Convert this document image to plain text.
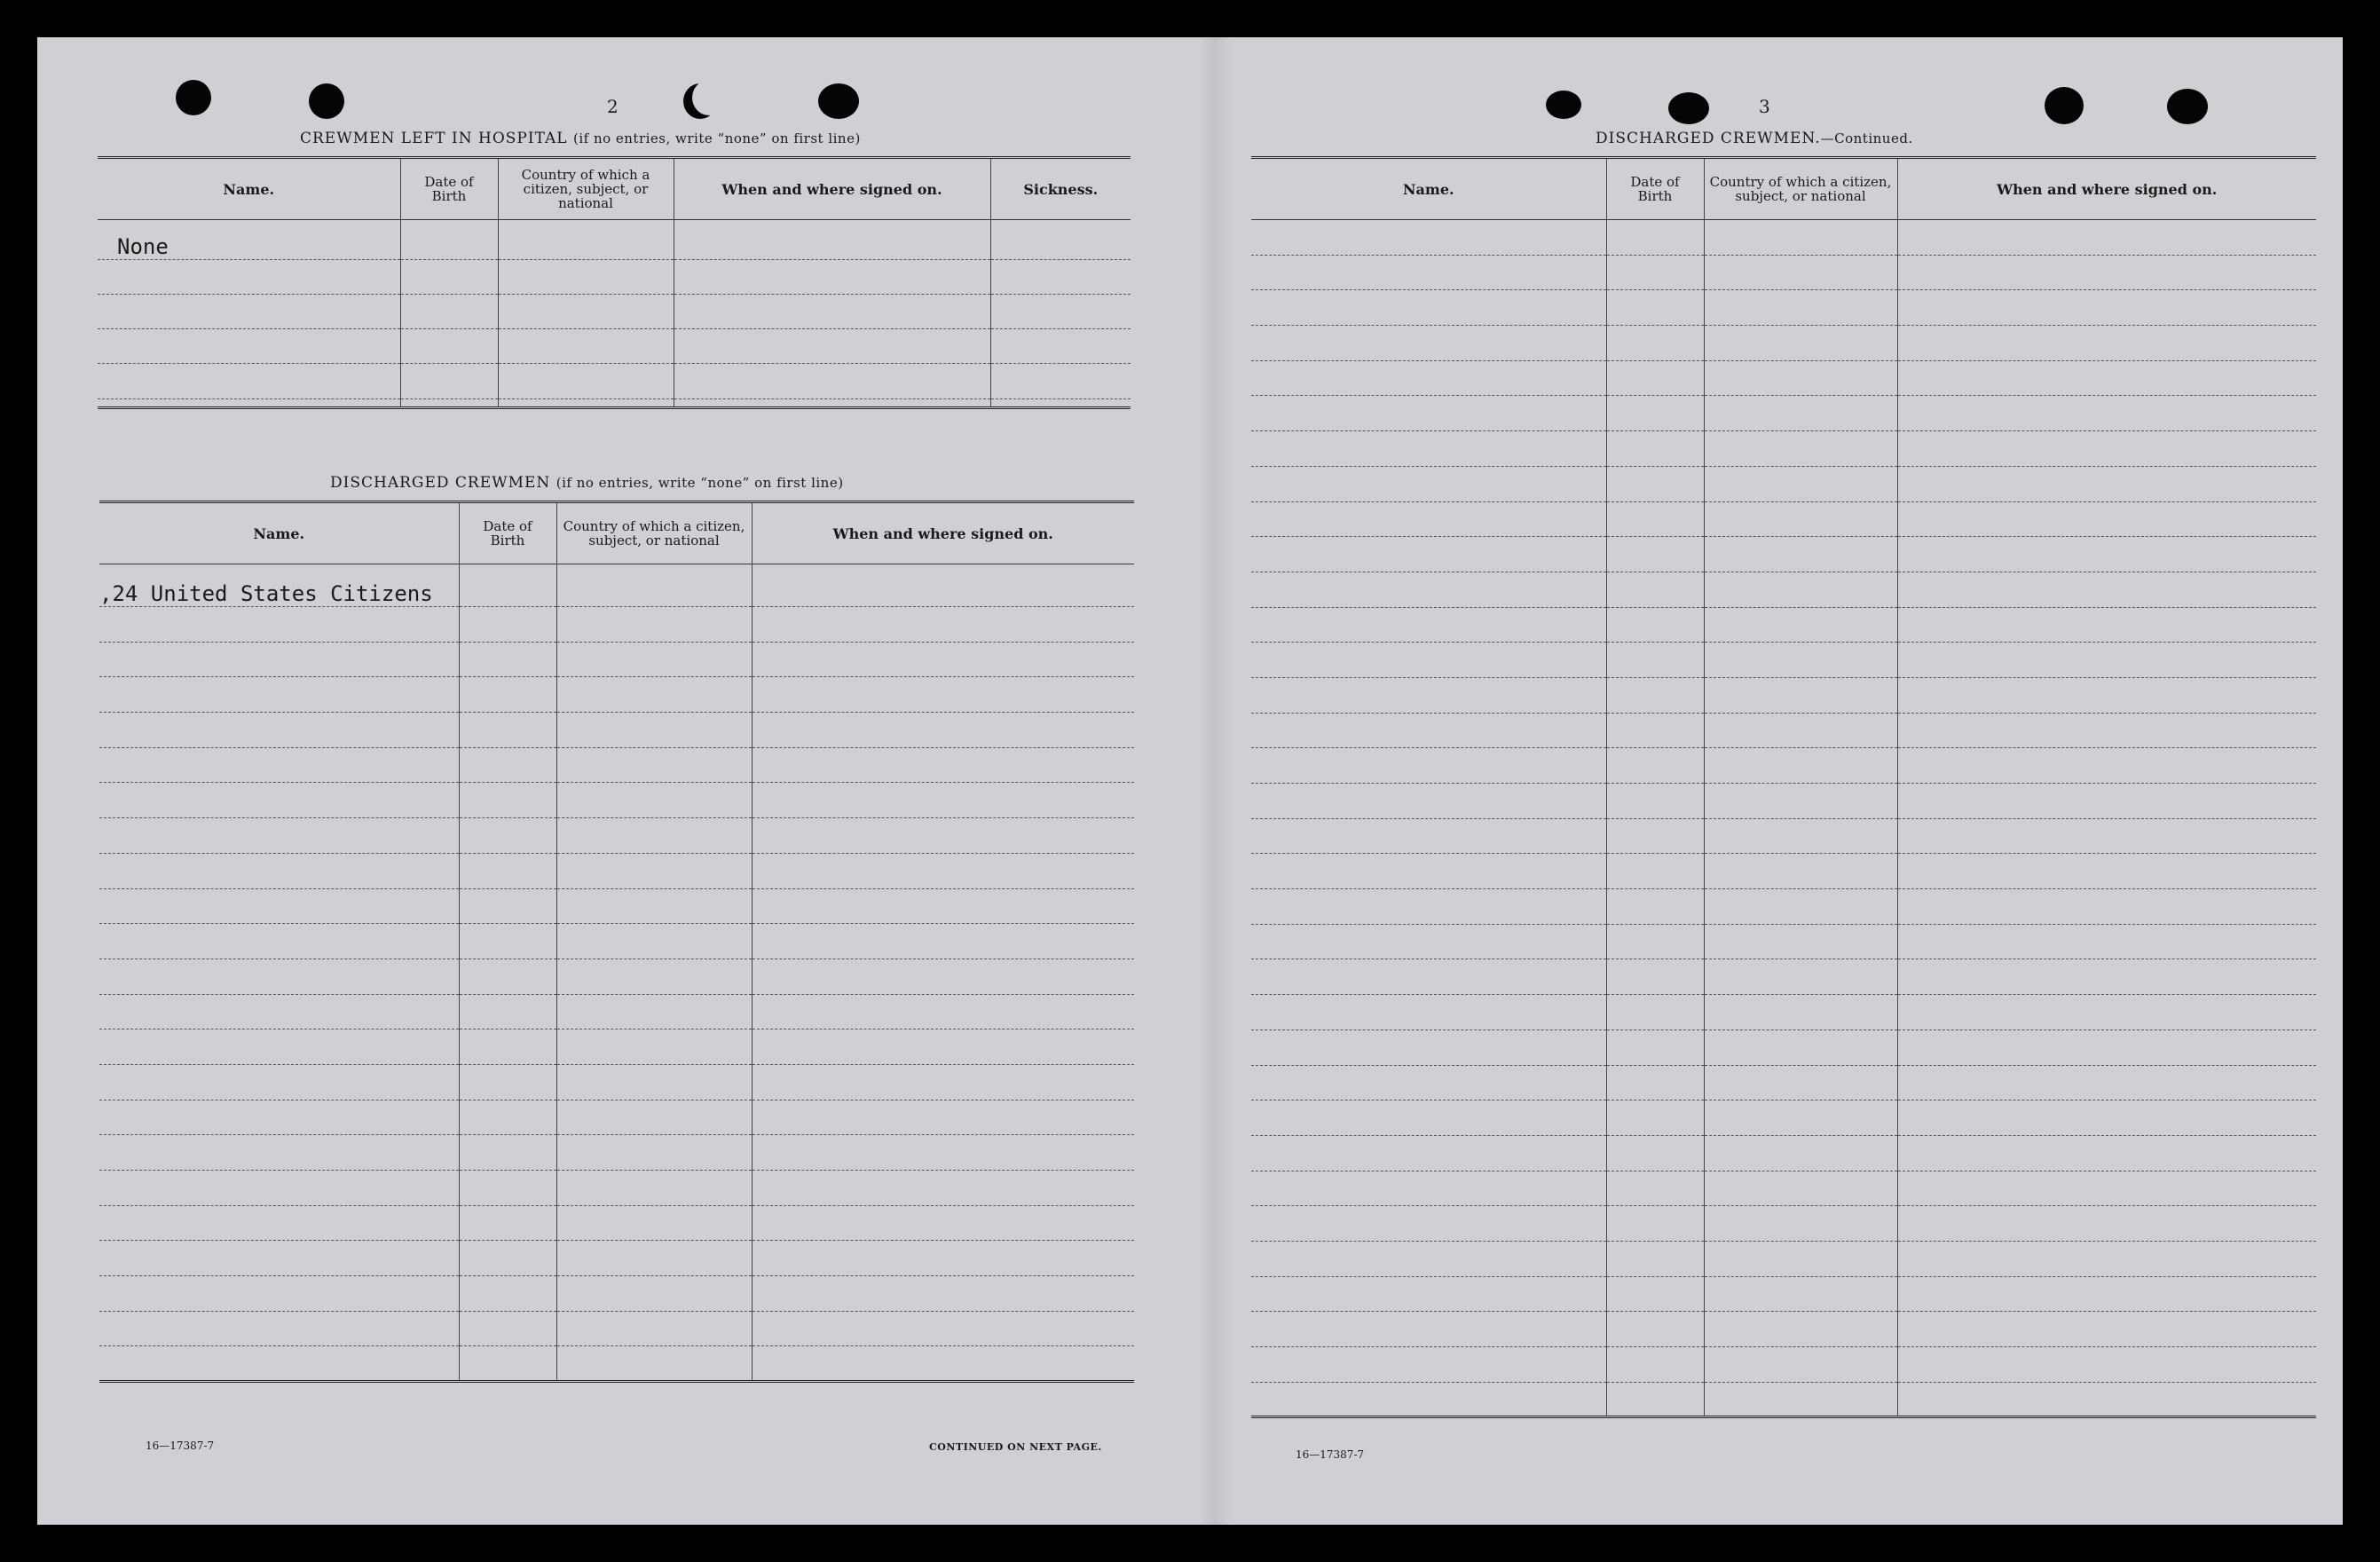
2
CREWMEN LEFT IN HOSPITAL (if no entries, write “none” on first line)
Name.	Date of Birth	Country of which a citizen, subject, or national	When and where signed on.	Sickness.
None				

DISCHARGED CREWMEN (if no entries, write “none” on first line)
Name.	Date of Birth	Country of which a citizen, subject, or national	When and where signed on.
,24 United States Citizens			

16—17387-7	CONTINUED ON NEXT PAGE.
3
DISCHARGED CREWMEN.—Continued.
Name.	Date of Birth	Country of which a citizen, subject, or national	When and where signed on.

16—17387-7
